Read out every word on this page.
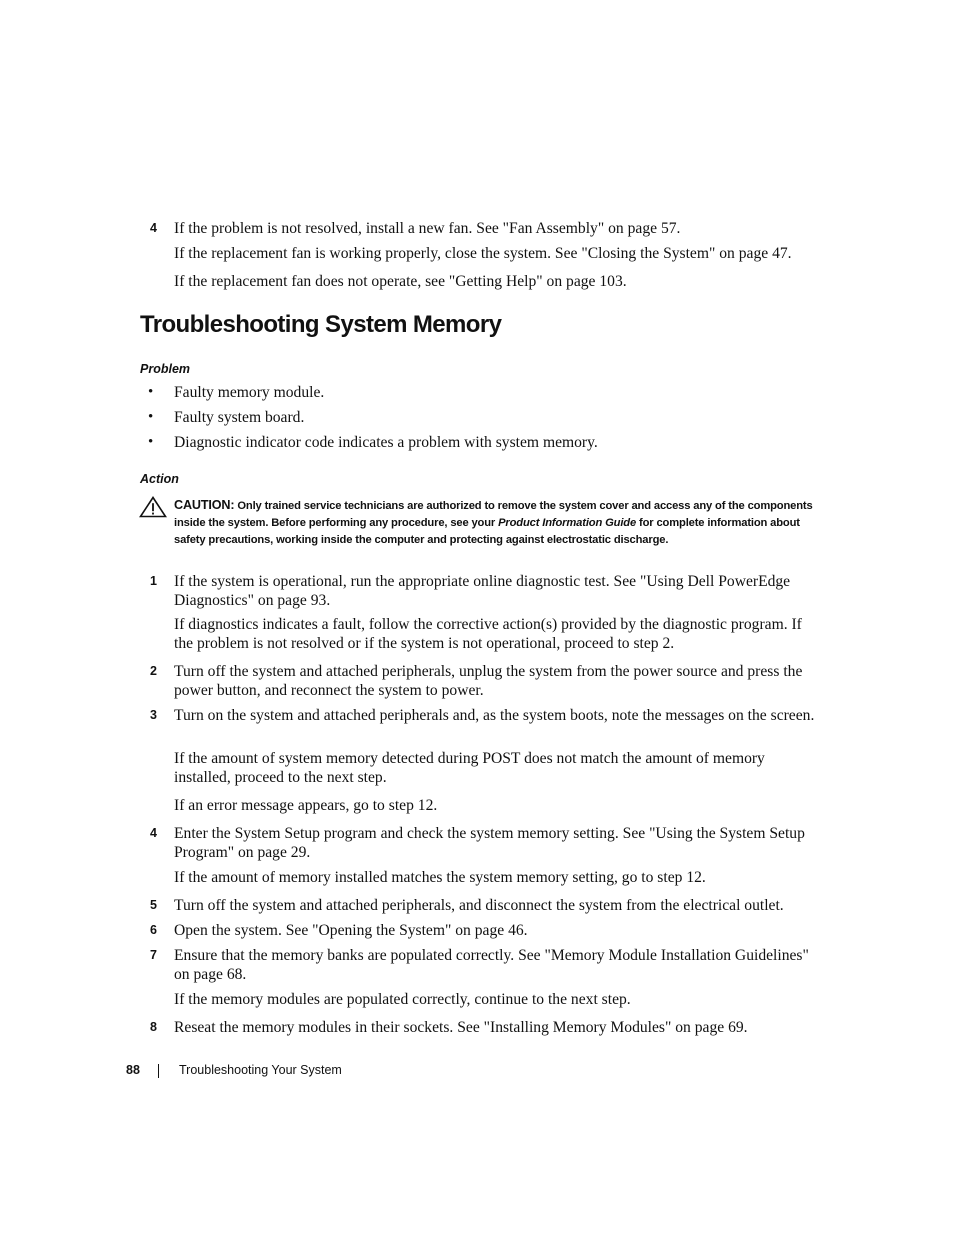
4 If the problem is not resolved, install a new fan. See "Fan Assembly" on page 57.
If the replacement fan is working properly, close the system. See "Closing the System" on page 47.
If the replacement fan does not operate, see "Getting Help" on page 103.
Troubleshooting System Memory
Problem
• Faulty memory module.
• Faulty system board.
• Diagnostic indicator code indicates a problem with system memory.
Action
CAUTION: Only trained service technicians are authorized to remove the system cover and access any of the components inside the system. Before performing any procedure, see your Product Information Guide for complete information about safety precautions, working inside the computer and protecting against electrostatic discharge.
1 If the system is operational, run the appropriate online diagnostic test. See "Using Dell PowerEdge Diagnostics" on page 93.
If diagnostics indicates a fault, follow the corrective action(s) provided by the diagnostic program. If the problem is not resolved or if the system is not operational, proceed to step 2.
2 Turn off the system and attached peripherals, unplug the system from the power source and press the power button, and reconnect the system to power.
3 Turn on the system and attached peripherals and, as the system boots, note the messages on the screen.
If the amount of system memory detected during POST does not match the amount of memory installed, proceed to the next step.
If an error message appears, go to step 12.
4 Enter the System Setup program and check the system memory setting. See "Using the System Setup Program" on page 29.
If the amount of memory installed matches the system memory setting, go to step 12.
5 Turn off the system and attached peripherals, and disconnect the system from the electrical outlet.
6 Open the system. See "Opening the System" on page 46.
7 Ensure that the memory banks are populated correctly. See "Memory Module Installation Guidelines" on page 68.
If the memory modules are populated correctly, continue to the next step.
8 Reseat the memory modules in their sockets. See "Installing Memory Modules" on page 69.
88	Troubleshooting Your System
